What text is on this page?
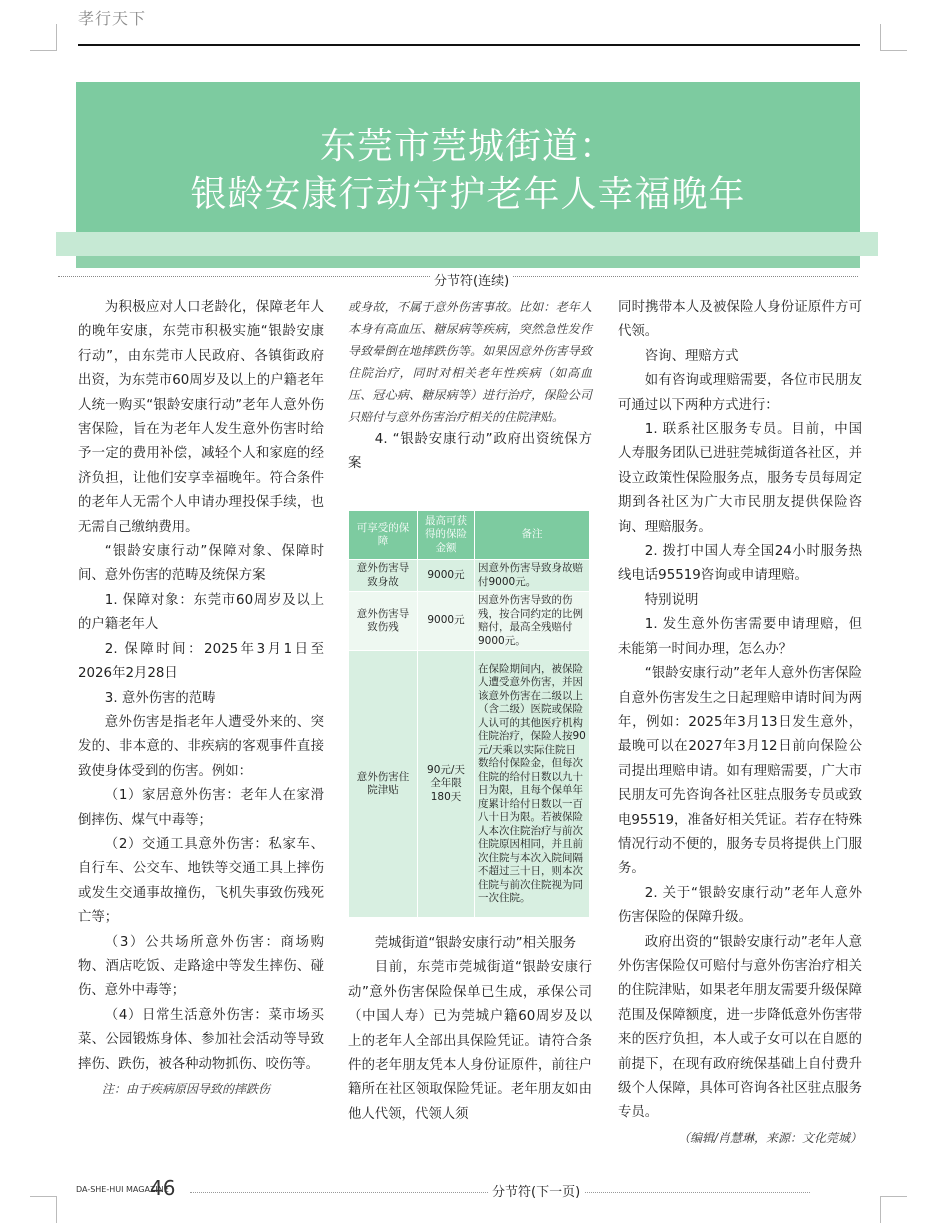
孝行天下
东莞市莞城街道：
银龄安康行动守护老年人幸福晚年
分节符(连续)

为积极应对人口老龄化，保障老年人的晚年安康，东莞市积极实施“银龄安康行动”，由东莞市人民政府、各镇街政府出资，为东莞市60周岁及以上的户籍老年人统一购买“银龄安康行动”老年人意外伤害保险，旨在为老年人发生意外伤害时给予一定的费用补偿，减轻个人和家庭的经济负担，让他们安享幸福晚年。符合条件的老年人无需个人申请办理投保手续，也无需自己缴纳费用。

“银龄安康行动”保障对象、保障时间、意外伤害的范畴及统保方案

1. 保障对象：东莞市60周岁及以上的户籍老年人

2. 保障时间：2025年3月1日至2026年2月28日

3. 意外伤害的范畴

意外伤害是指老年人遭受外来的、突发的、非本意的、非疾病的客观事件直接致使身体受到的伤害。例如：

（1）家居意外伤害：老年人在家滑倒摔伤、煤气中毒等；

（2）交通工具意外伤害：私家车、自行车、公交车、地铁等交通工具上摔伤或发生交通事故撞伤，飞机失事致伤残死亡等；

（3）公共场所意外伤害：商场购物、酒店吃饭、走路途中等发生摔伤、碰伤、意外中毒等；

（4）日常生活意外伤害：菜市场买菜、公园锻炼身体、参加社会活动等导致摔伤、跌伤，被各种动物抓伤、咬伤等。

注：由于疾病原因导致的摔跌伤

或身故，不属于意外伤害事故。比如：老年人本身有高血压、糖尿病等疾病，突然急性发作导致晕倒在地摔跌伤等。如果因意外伤害导致住院治疗，同时对相关老年性疾病（如高血压、冠心病、糖尿病等）进行治疗，保险公司只赔付与意外伤害治疗相关的住院津贴。

4. “银龄安康行动”政府出资统保方案

可享受的保障	最高可获得的保险金额	备注
意外伤害导致身故	9000元	因意外伤害导致身故赔付9000元。
意外伤害导致伤残	9000元	因意外伤害导致的伤残，按合同约定的比例赔付，最高全残赔付9000元。
意外伤害住院津贴	90元/天 全年限180天	在保险期间内，被保险人遭受意外伤害，并因该意外伤害在二级以上（含二级）医院或保险人认可的其他医疗机构住院治疗，保险人按90元/天乘以实际住院日数给付保险金，但每次住院的给付日数以九十日为限，且每个保单年度累计给付日数以一百八十日为限。若被保险人本次住院治疗与前次住院原因相同，并且前次住院与本次入院间隔不超过三十日，则本次住院与前次住院视为同一次住院。

莞城街道“银龄安康行动”相关服务

目前，东莞市莞城街道“银龄安康行动”意外伤害保险保单已生成，承保公司（中国人寿）已为莞城户籍60周岁及以上的老年人全部出具保险凭证。请符合条件的老年朋友凭本人身份证原件，前往户籍所在社区领取保险凭证。老年朋友如由他人代领，代领人须

同时携带本人及被保险人身份证原件方可代领。

咨询、理赔方式

如有咨询或理赔需要，各位市民朋友可通过以下两种方式进行：

1. 联系社区服务专员。目前，中国人寿服务团队已进驻莞城街道各社区，并设立政策性保险服务点，服务专员每周定期到各社区为广大市民朋友提供保险咨询、理赔服务。

2. 拨打中国人寿全国24小时服务热线电话95519咨询或申请理赔。

特别说明

1. 发生意外伤害需要申请理赔，但未能第一时间办理，怎么办？

“银龄安康行动”老年人意外伤害保险自意外伤害发生之日起理赔申请时间为两年，例如：2025年3月13日发生意外，最晚可以在2027年3月12日前向保险公司提出理赔申请。如有理赔需要，广大市民朋友可先咨询各社区驻点服务专员或致电95519，准备好相关凭证。若存在特殊情况行动不便的，服务专员将提供上门服务。

2. 关于“银龄安康行动”老年人意外伤害保险的保障升级。

政府出资的“银龄安康行动”老年人意外伤害保险仅可赔付与意外伤害治疗相关的住院津贴，如果老年朋友需要升级保障范围及保障额度，进一步降低意外伤害带来的医疗负担，本人或子女可以在自愿的前提下，在现有政府统保基础上自付费升级个人保障，具体可咨询各社区驻点服务专员。

（编辑/肖慧琳，来源：文化莞城）

DA-SHE-HUI MAGAZINE
46	分节符(下一页)
